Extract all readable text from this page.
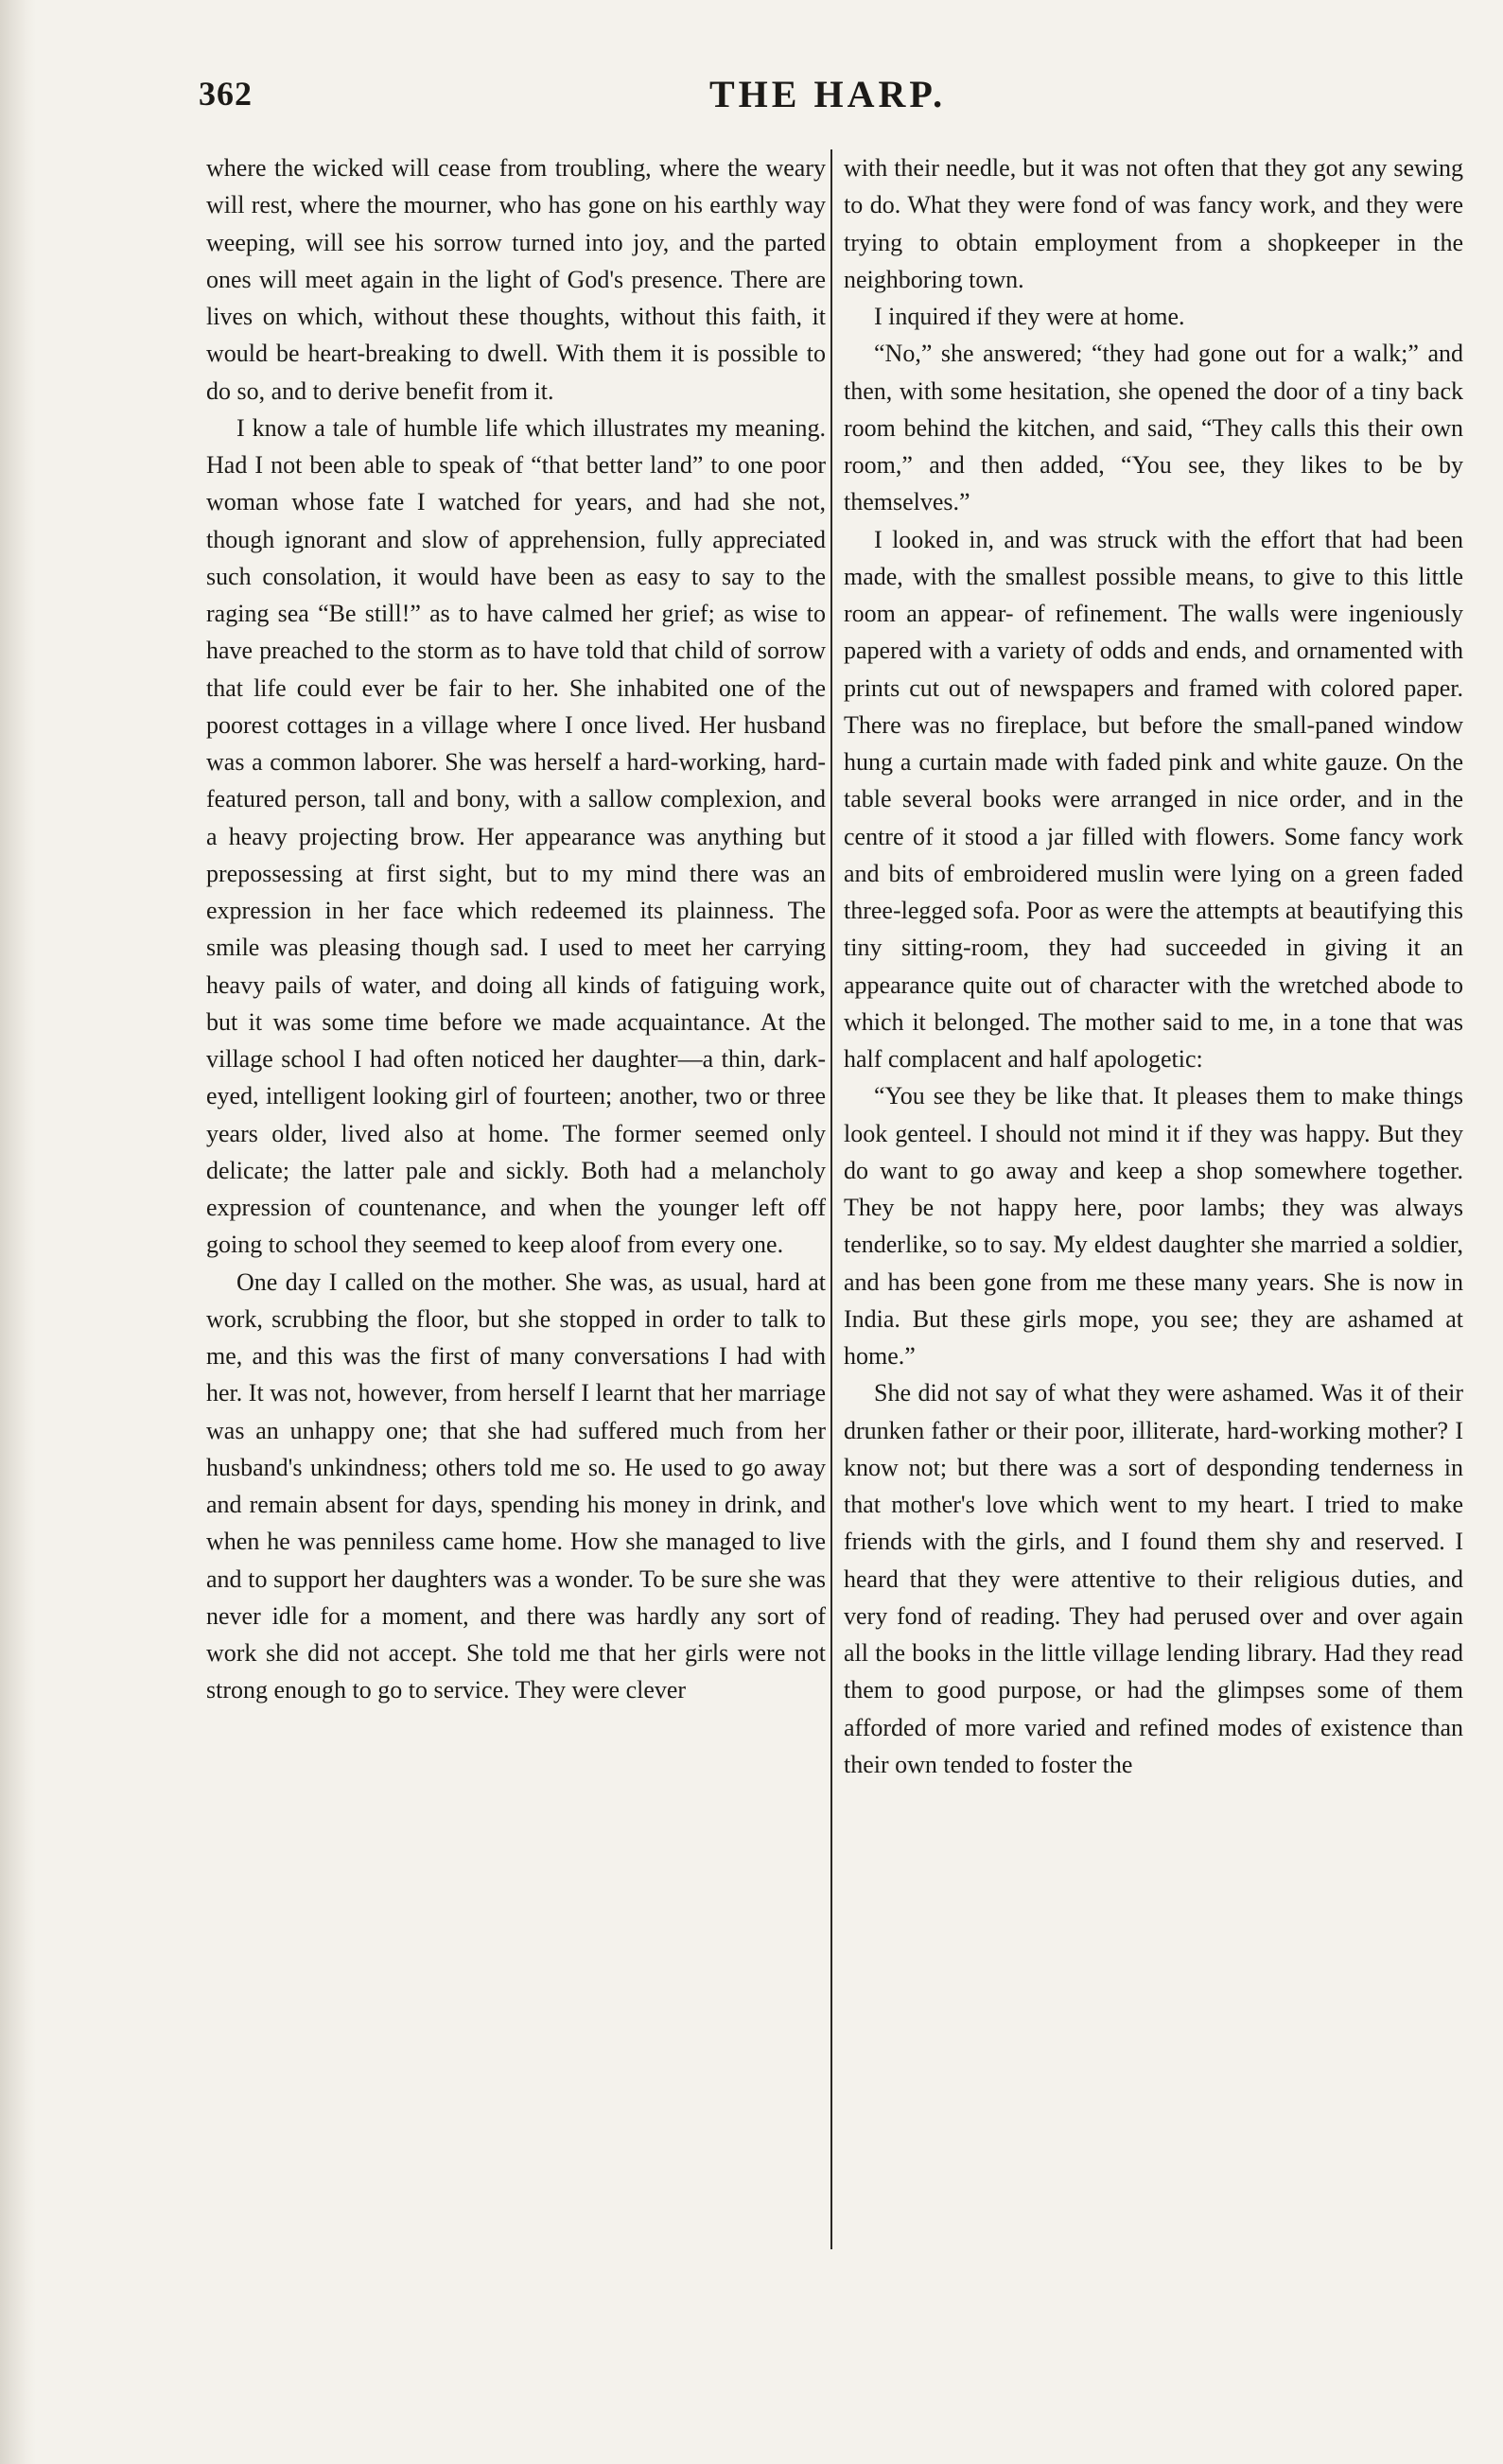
362	THE HARP.

where the wicked will cease from troubling, where the weary will rest, where the mourner, who has gone on his earthly way weeping, will see his sorrow turned into joy, and the parted ones will meet again in the light of God's presence. There are lives on which, without these thoughts, without this faith, it would be heart-breaking to dwell. With them it is possible to do so, and to derive benefit from it.

I know a tale of humble life which illustrates my meaning. Had I not been able to speak of “that better land” to one poor woman whose fate I watched for years, and had she not, though ignorant and slow of apprehension, fully appreciated such consolation, it would have been as easy to say to the raging sea “Be still!” as to have calmed her grief; as wise to have preached to the storm as to have told that child of sorrow that life could ever be fair to her. She inhabited one of the poorest cottages in a village where I once lived. Her husband was a common laborer. She was herself a hard-working, hard-featured person, tall and bony, with a sallow complexion, and a heavy projecting brow. Her appearance was anything but prepossessing at first sight, but to my mind there was an expression in her face which redeemed its plainness. The smile was pleasing though sad. I used to meet her carrying heavy pails of water, and doing all kinds of fatiguing work, but it was some time before we made acquaintance. At the village school I had often noticed her daughter—a thin, dark-eyed, intelligent looking girl of fourteen; another, two or three years older, lived also at home. The former seemed only delicate; the latter pale and sickly. Both had a melancholy expression of countenance, and when the younger left off going to school they seemed to keep aloof from every one.

One day I called on the mother. She was, as usual, hard at work, scrubbing the floor, but she stopped in order to talk to me, and this was the first of many conversations I had with her. It was not, however, from herself I learnt that her marriage was an unhappy one; that she had suffered much from her husband's unkindness; others told me so. He used to go away and remain absent for days, spending his money in drink, and when he was penniless came home. How she managed to live and to support her daughters was a wonder. To be sure she was never idle for a moment, and there was hardly any sort of work she did not accept. She told me that her girls were not strong enough to go to service. They were clever

with their needle, but it was not often that they got any sewing to do. What they were fond of was fancy work, and they were trying to obtain employment from a shopkeeper in the neighboring town.

I inquired if they were at home.

“No,” she answered; “they had gone out for a walk;” and then, with some hesitation, she opened the door of a tiny back room behind the kitchen, and said, “They calls this their own room,” and then added, “You see, they likes to be by themselves.”

I looked in, and was struck with the effort that had been made, with the smallest possible means, to give to this little room an appear- of refinement. The walls were ingeniously papered with a variety of odds and ends, and ornamented with prints cut out of newspapers and framed with colored paper. There was no fireplace, but before the small-paned window hung a curtain made with faded pink and white gauze. On the table several books were arranged in nice order, and in the centre of it stood a jar filled with flowers. Some fancy work and bits of embroidered muslin were lying on a green faded three-legged sofa. Poor as were the attempts at beautifying this tiny sitting-room, they had succeeded in giving it an appearance quite out of character with the wretched abode to which it belonged. The mother said to me, in a tone that was half complacent and half apologetic:

“You see they be like that. It pleases them to make things look genteel. I should not mind it if they was happy. But they do want to go away and keep a shop somewhere together. They be not happy here, poor lambs; they was always tenderlike, so to say. My eldest daughter she married a soldier, and has been gone from me these many years. She is now in India. But these girls mope, you see; they are ashamed at home.”

She did not say of what they were ashamed. Was it of their drunken father or their poor, illiterate, hard-working mother? I know not; but there was a sort of desponding tenderness in that mother's love which went to my heart. I tried to make friends with the girls, and I found them shy and reserved. I heard that they were attentive to their religious duties, and very fond of reading. They had perused over and over again all the books in the little village lending library. Had they read them to good purpose, or had the glimpses some of them afforded of more varied and refined modes of existence than their own tended to foster the
